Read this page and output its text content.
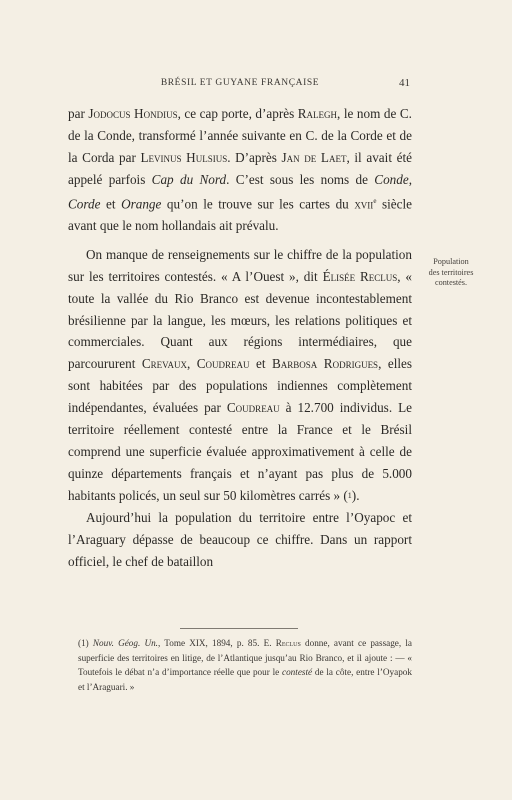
BRÉSIL ET GUYANE FRANÇAISE	41

par Jodocus Hondius, ce cap porte, d’après Ralegh, le nom de C. de la Conde, transformé l’année suivante en C. de la Corde et de la Corda par Levinus Hulsius. D’après Jan de Laet, il avait été appelé parfois Cap du Nord. C’est sous les noms de Conde, Corde et Orange qu’on le trouve sur les cartes du xvii$^e$ siècle avant que le nom hollandais ait prévalu.

On manque de renseignements sur le chiffre de la population sur les territoires contestés. « A l’Ouest », dit Élisée Reclus, « toute la vallée du Rio Branco est devenue incontestablement brésilienne par la langue, les mœurs, les relations politiques et commerciales. Quant aux régions intermédiaires, que parcoururent Crevaux, Coudreau et Barbosa Rodrigues, elles sont habitées par des populations indiennes complètement indépendantes, évaluées par Coudreau à 12.700 individus. Le territoire réellement contesté entre la France et le Brésil comprend une superficie évaluée approximativement à celle de quinze départements français et n’ayant pas plus de 5.000 habitants policés, un seul sur 50 kilomètres carrés » ($^1$).

Aujourd’hui la population du territoire entre l’Oyapoc et l’Araguary dépasse de beaucoup ce chiffre. Dans un rapport officiel, le chef de bataillon

Population
des territoires
contestés.

(1) Nouv. Géog. Un., Tome XIX, 1894, p. 85. E. Reclus donne, avant ce passage, la superficie des territoires en litige, de l’Atlantique jusqu’au Rio Branco, et il ajoute : — « Toutefois le débat n’a d’importance réelle que pour le contesté de la côte, entre l’Oyapok et l’Araguari. »
